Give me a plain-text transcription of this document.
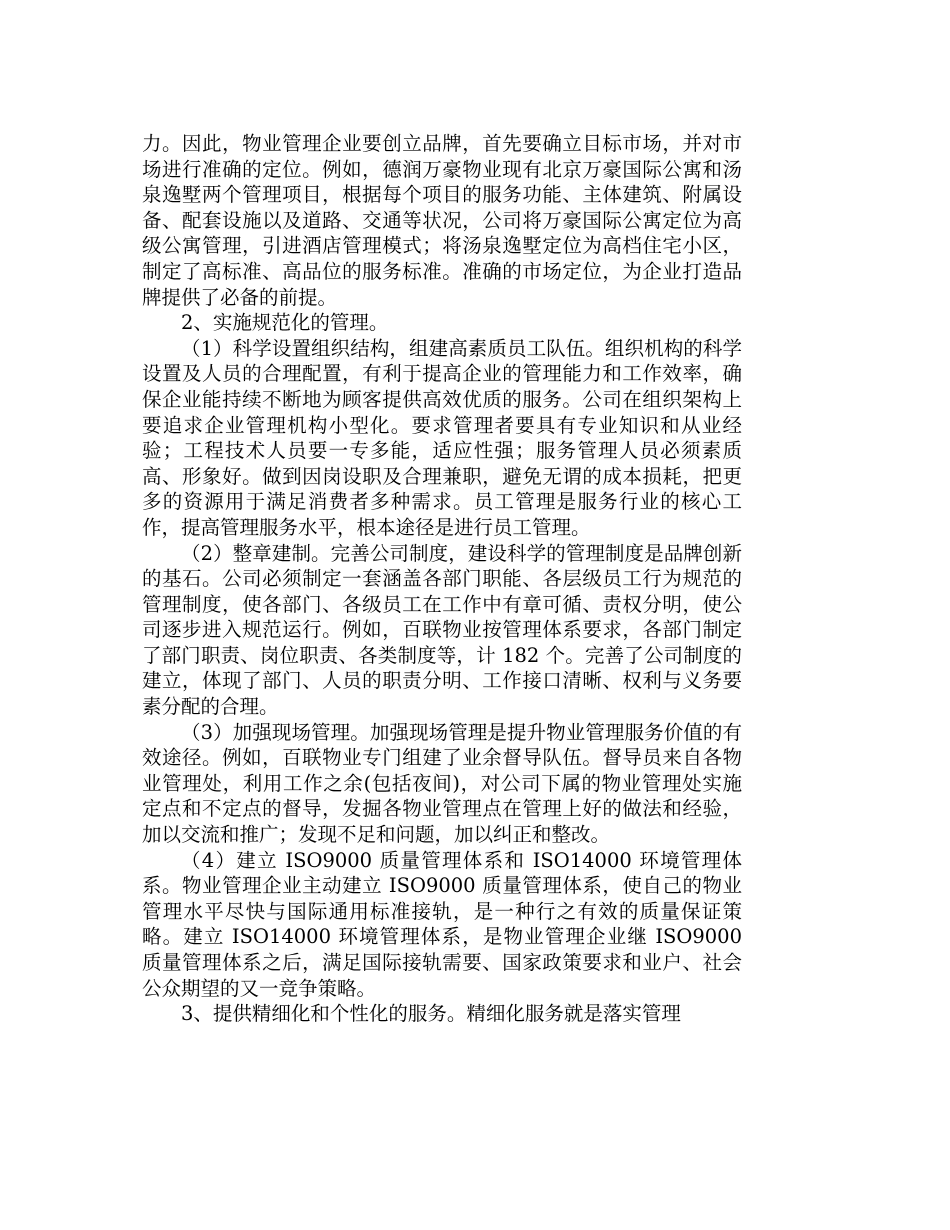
力。因此，物业管理企业要创立品牌，首先要确立目标市场，并对市场进行准确的定位。例如，德润万豪物业现有北京万豪国际公寓和汤泉逸墅两个管理项目，根据每个项目的服务功能、主体建筑、附属设备、配套设施以及道路、交通等状况，公司将万豪国际公寓定位为高级公寓管理，引进酒店管理模式；将汤泉逸墅定位为高档住宅小区，制定了高标准、高品位的服务标准。准确的市场定位，为企业打造品牌提供了必备的前提。

2、实施规范化的管理。

（1）科学设置组织结构，组建高素质员工队伍。组织机构的科学设置及人员的合理配置，有利于提高企业的管理能力和工作效率，确保企业能持续不断地为顾客提供高效优质的服务。公司在组织架构上要追求企业管理机构小型化。要求管理者要具有专业知识和从业经验；工程技术人员要一专多能，适应性强；服务管理人员必须素质高、形象好。做到因岗设职及合理兼职，避免无谓的成本损耗，把更多的资源用于满足消费者多种需求。员工管理是服务行业的核心工作，提高管理服务水平，根本途径是进行员工管理。

（2）整章建制。完善公司制度，建设科学的管理制度是品牌创新的基石。公司必须制定一套涵盖各部门职能、各层级员工行为规范的管理制度，使各部门、各级员工在工作中有章可循、责权分明，使公司逐步进入规范运行。例如，百联物业按管理体系要求，各部门制定了部门职责、岗位职责、各类制度等，计 182 个。完善了公司制度的建立，体现了部门、人员的职责分明、工作接口清晰、权利与义务要素分配的合理。

（3）加强现场管理。加强现场管理是提升物业管理服务价值的有效途径。例如，百联物业专门组建了业余督导队伍。督导员来自各物业管理处，利用工作之余(包括夜间)，对公司下属的物业管理处实施定点和不定点的督导，发掘各物业管理点在管理上好的做法和经验，加以交流和推广；发现不足和问题，加以纠正和整改。

（4）建立 ISO9000 质量管理体系和 ISO14000 环境管理体系。物业管理企业主动建立 ISO9000 质量管理体系，使自己的物业管理水平尽快与国际通用标准接轨，是一种行之有效的质量保证策略。建立 ISO14000 环境管理体系，是物业管理企业继 ISO9000 质量管理体系之后，满足国际接轨需要、国家政策要求和业户、社会公众期望的又一竞争策略。

3、提供精细化和个性化的服务。精细化服务就是落实管理
